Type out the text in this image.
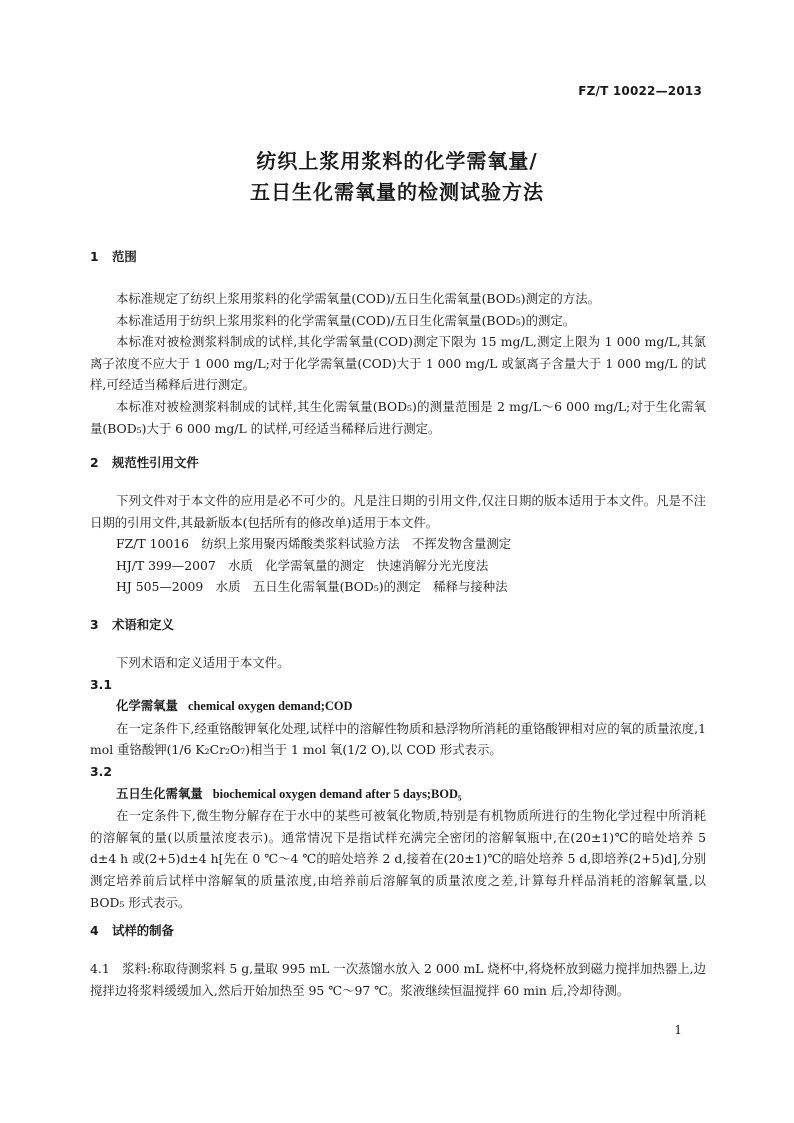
FZ/T 10022—2013
纺织上浆用浆料的化学需氧量/
五日生化需氧量的检测试验方法
1 范围

本标准规定了纺织上浆用浆料的化学需氧量(COD)/五日生化需氧量(BOD₅)测定的方法。

本标准适用于纺织上浆用浆料的化学需氧量(COD)/五日生化需氧量(BOD₅)的测定。

本标准对被检测浆料制成的试样,其化学需氧量(COD)测定下限为 15 mg/L,测定上限为 1 000 mg/L,其氯离子浓度不应大于 1 000 mg/L;对于化学需氧量(COD)大于 1 000 mg/L 或氯离子含量大于 1 000 mg/L 的试样,可经适当稀释后进行测定。

本标准对被检测浆料制成的试样,其生化需氧量(BOD₅)的测量范围是 2 mg/L～6 000 mg/L;对于生化需氧量(BOD₅)大于 6 000 mg/L 的试样,可经适当稀释后进行测定。

2 规范性引用文件

下列文件对于本文件的应用是必不可少的。凡是注日期的引用文件,仅注日期的版本适用于本文件。凡是不注日期的引用文件,其最新版本(包括所有的修改单)适用于本文件。

FZ/T 10016　纺织上浆用聚丙烯酸类浆料试验方法　不挥发物含量测定

HJ/T 399—2007　水质　化学需氧量的测定　快速消解分光光度法

HJ 505—2009　水质　五日生化需氧量(BOD₅)的测定　稀释与接种法

3 术语和定义

下列术语和定义适用于本文件。

3.1
化学需氧量 chemical oxygen demand;COD

在一定条件下,经重铬酸钾氧化处理,试样中的溶解性物质和悬浮物所消耗的重铬酸钾相对应的氧的质量浓度,1 mol 重铬酸钾(1/6 K₂Cr₂O₇)相当于 1 mol 氧(1/2 O),以 COD 形式表示。

3.2
五日生化需氧量 biochemical oxygen demand after 5 days;BOD₅

在一定条件下,微生物分解存在于水中的某些可被氧化物质,特别是有机物质所进行的生物化学过程中所消耗的溶解氧的量(以质量浓度表示)。通常情况下是指试样充满完全密闭的溶解氧瓶中,在(20±1)℃的暗处培养 5 d±4 h 或(2+5)d±4 h[先在 0 ℃～4 ℃的暗处培养 2 d,接着在(20±1)℃的暗处培养 5 d,即培养(2+5)d],分别测定培养前后试样中溶解氧的质量浓度,由培养前后溶解氧的质量浓度之差,计算每升样品消耗的溶解氧量,以 BOD₅ 形式表示。

4 试样的制备

4.1　浆料:称取待测浆料 5 g,量取 995 mL 一次蒸馏水放入 2 000 mL 烧杯中,将烧杯放到磁力搅拌加热器上,边搅拌边将浆料缓缓加入,然后开始加热至 95 ℃～97 ℃。浆液继续恒温搅拌 60 min 后,冷却待测。

1
